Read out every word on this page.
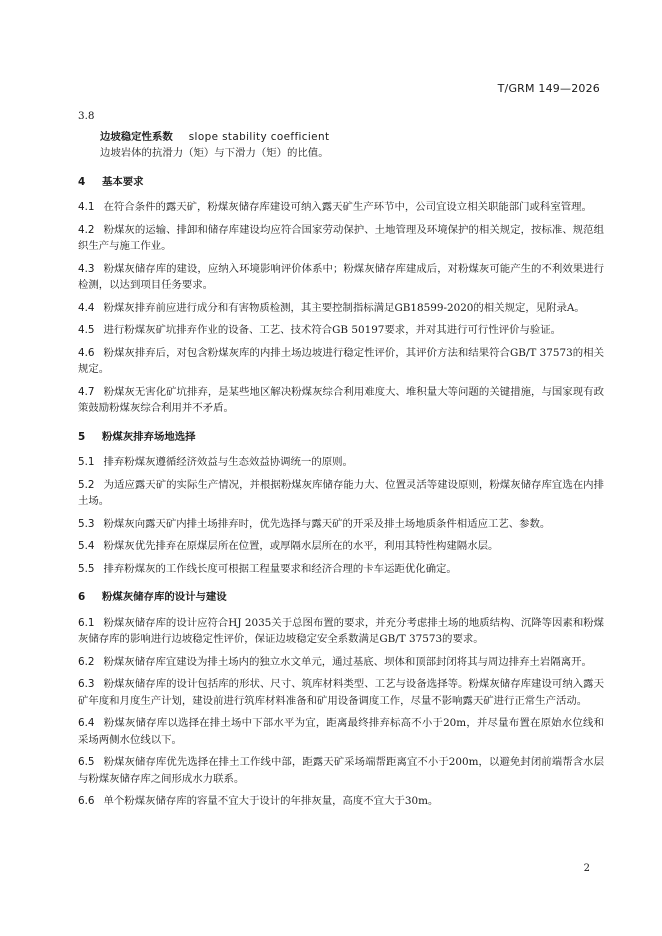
T/GRM 149—2026
3.8
边坡稳定性系数 slope stability coefficient
边坡岩体的抗滑力（矩）与下滑力（矩）的比值。
4 基本要求
4.1 在符合条件的露天矿，粉煤灰储存库建设可纳入露天矿生产环节中，公司宜设立相关职能部门或科室管理。
4.2 粉煤灰的运输、排卸和储存库建设均应符合国家劳动保护、土地管理及环境保护的相关规定，按标准、规范组织生产与施工作业。
4.3 粉煤灰储存库的建设，应纳入环境影响评价体系中；粉煤灰储存库建成后，对粉煤灰可能产生的不利效果进行检测，以达到项目任务要求。
4.4 粉煤灰排弃前应进行成分和有害物质检测，其主要控制指标满足GB18599-2020的相关规定，见附录A。
4.5 进行粉煤灰矿坑排弃作业的设备、工艺、技术符合GB 50197要求，并对其进行可行性评价与验证。
4.6 粉煤灰排弃后，对包含粉煤灰库的内排土场边坡进行稳定性评价，其评价方法和结果符合GB/T 37573的相关规定。
4.7 粉煤灰无害化矿坑排弃，是某些地区解决粉煤灰综合利用难度大、堆积量大等问题的关键措施，与国家现有政策鼓励粉煤灰综合利用并不矛盾。
5 粉煤灰排弃场地选择
5.1 排弃粉煤灰遵循经济效益与生态效益协调统一的原则。
5.2 为适应露天矿的实际生产情况，并根据粉煤灰库储存能力大、位置灵活等建设原则，粉煤灰储存库宜选在内排土场。
5.3 粉煤灰向露天矿内排土场排弃时，优先选择与露天矿的开采及排土场地质条件相适应工艺、参数。
5.4 粉煤灰优先排弃在原煤层所在位置，或厚隔水层所在的水平，利用其特性构建隔水层。
5.5 排弃粉煤灰的工作线长度可根据工程量要求和经济合理的卡车运距优化确定。
6 粉煤灰储存库的设计与建设
6.1 粉煤灰储存库的设计应符合HJ 2035关于总图布置的要求，并充分考虑排土场的地质结构、沉降等因素和粉煤灰储存库的影响进行边坡稳定性评价，保证边坡稳定安全系数满足GB/T 37573的要求。
6.2 粉煤灰储存库宜建设为排土场内的独立水文单元，通过基底、坝体和顶部封闭将其与周边排弃土岩隔离开。
6.3 粉煤灰储存库的设计包括库的形状、尺寸、筑库材料类型、工艺与设备选择等。粉煤灰储存库建设可纳入露天矿年度和月度生产计划，建设前进行筑库材料准备和矿用设备调度工作，尽量不影响露天矿进行正常生产活动。
6.4 粉煤灰储存库以选择在排土场中下部水平为宜，距离最终排弃标高不小于20m，并尽量布置在原始水位线和采场两侧水位线以下。
6.5 粉煤灰储存库优先选择在排土工作线中部，距露天矿采场端帮距离宜不小于200m，以避免封闭前端帮含水层与粉煤灰储存库之间形成水力联系。
6.6 单个粉煤灰储存库的容量不宜大于设计的年排灰量，高度不宜大于30m。
2
